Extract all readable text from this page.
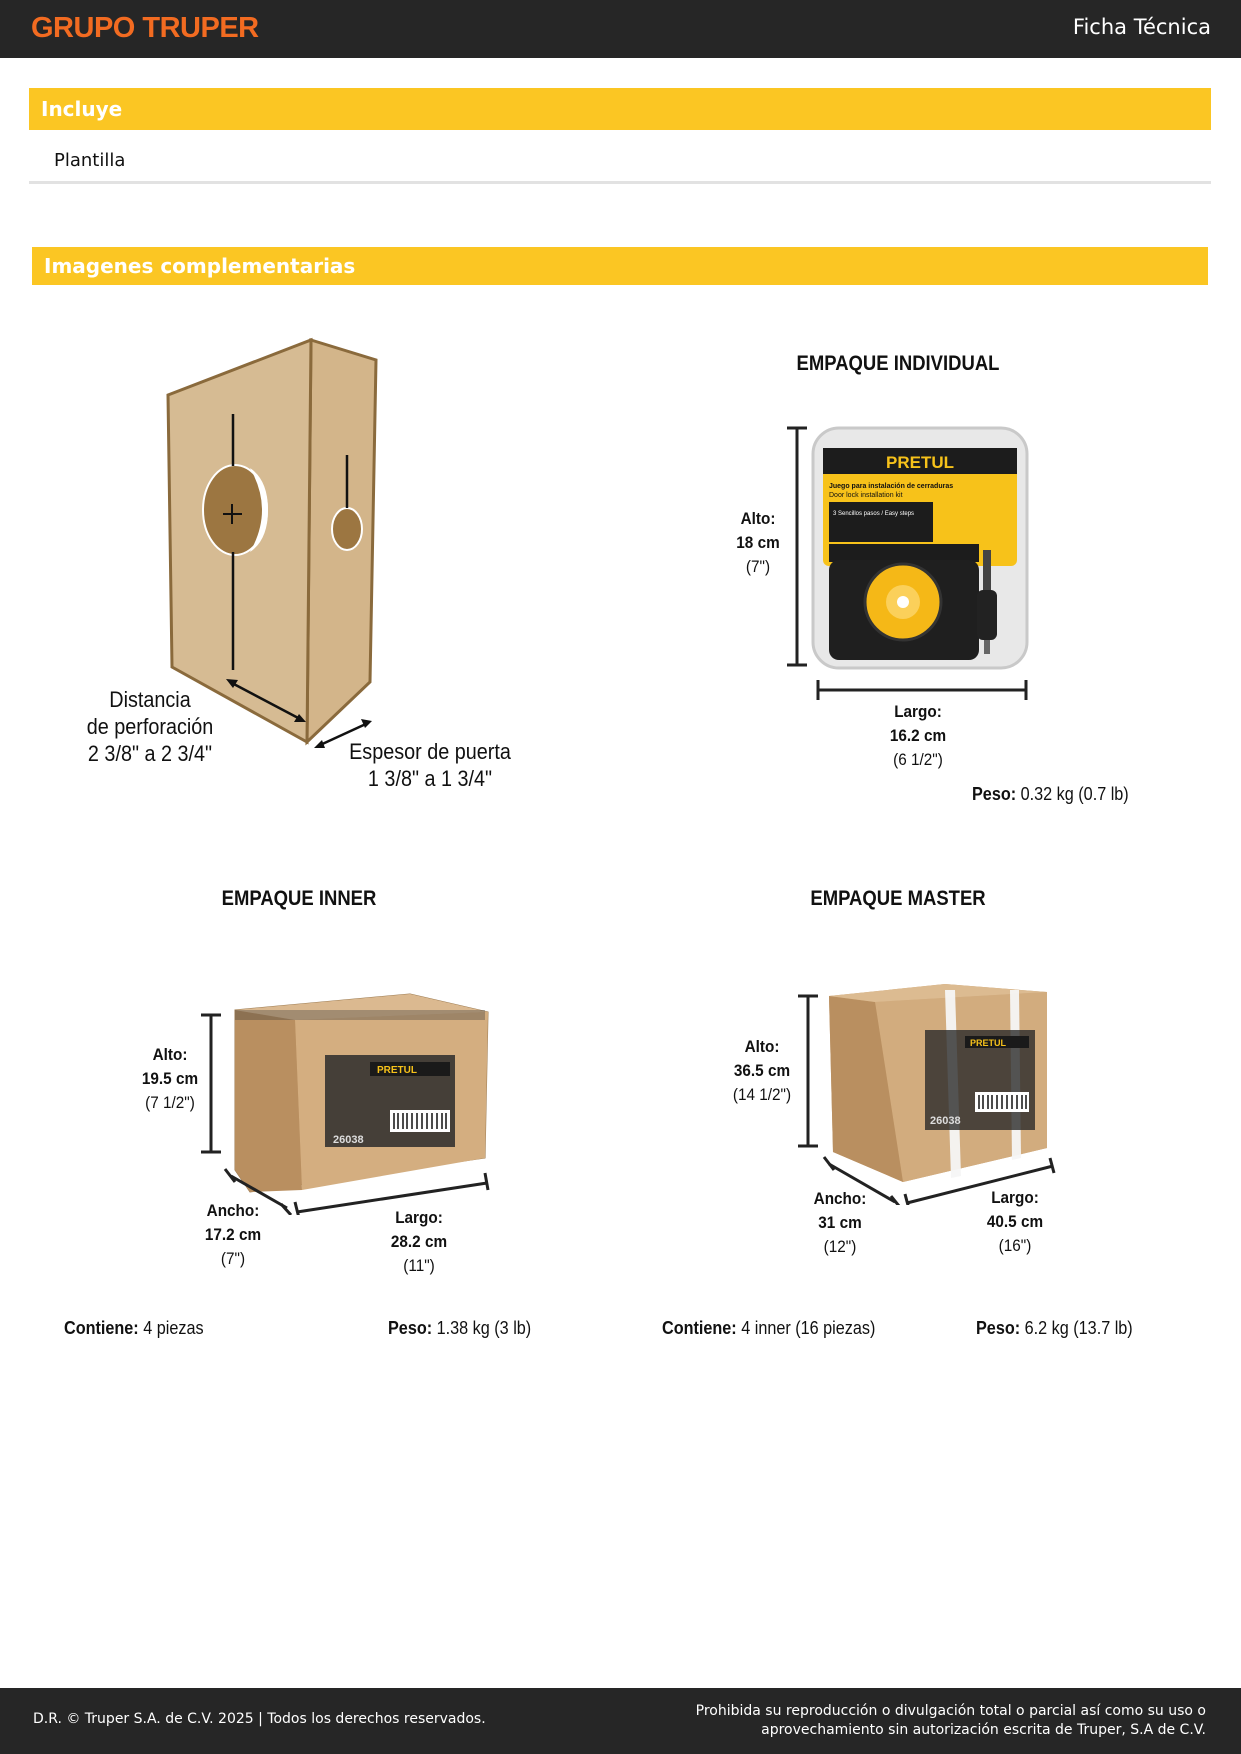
GRUPO TRUPER	Ficha Técnica
Incluye
Plantilla
Imagenes complementarias
Distancia
de perforación
2 3/8" a 2 3/4"	Espesor de puerta
1 3/8" a 1 3/4"
EMPAQUE INDIVIDUAL
PRETUL
Juego para instalación de cerraduras
Door lock installation kit
3 Sencillos pasos / Easy steps
Alto:
18 cm
(7")
Largo:
16.2 cm
(6 1/2")
Peso: 0.32 kg (0.7 lb)
EMPAQUE INNER
PRETUL
26038
Alto:
19.5 cm
(7 1/2")
Ancho:
17.2 cm
(7")
Largo:
28.2 cm
(11")
Contiene: 4 piezas	Peso: 1.38 kg (3 lb)
EMPAQUE MASTER
PRETUL
26038
Alto:
36.5 cm
(14 1/2")
Ancho:
31 cm
(12")
Largo:
40.5 cm
(16")
Contiene: 4 inner (16 piezas)	Peso: 6.2 kg (13.7 lb)
D.R. © Truper S.A. de C.V. 2025 | Todos los derechos reservados.	Prohibida su reproducción o divulgación total o parcial así como su uso o
aprovechamiento sin autorización escrita de Truper, S.A de C.V.
